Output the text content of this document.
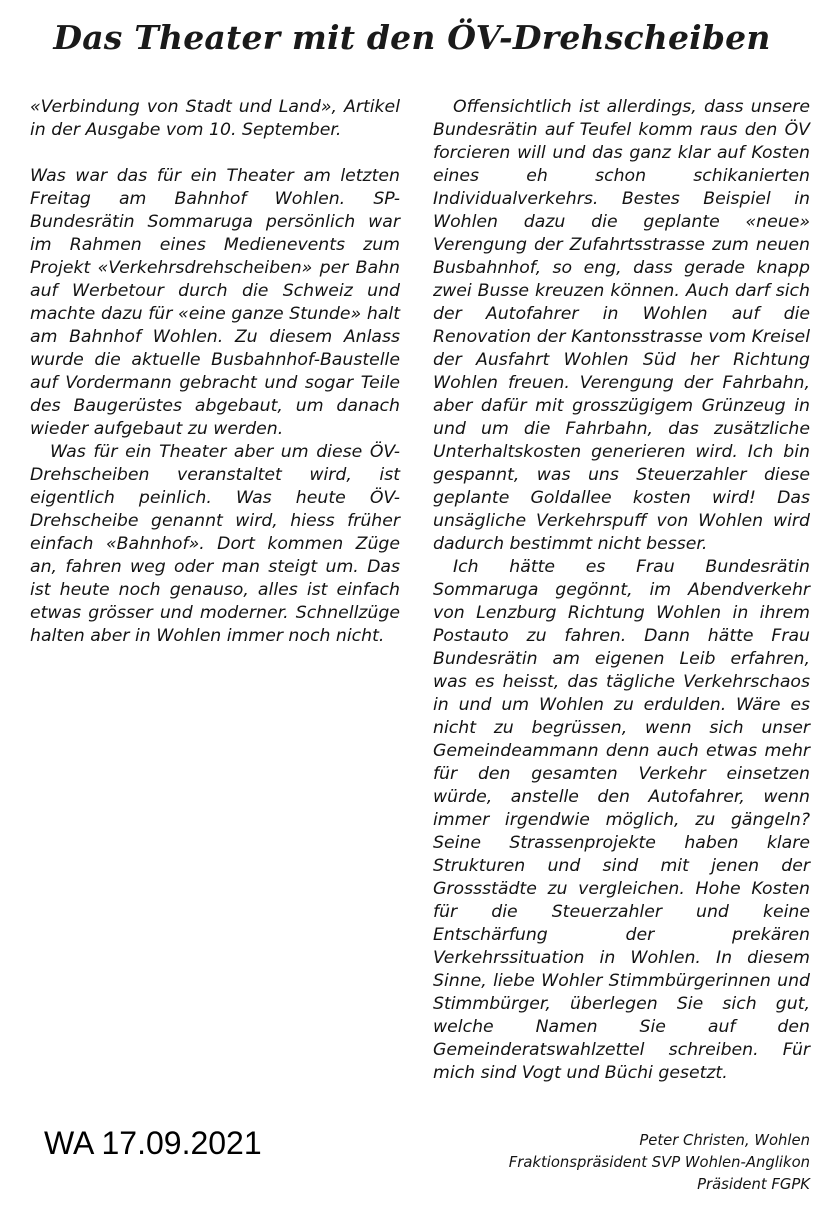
Das Theater mit den ÖV-Drehscheiben

«Verbindung von Stadt und Land», Artikel in der Ausgabe vom 10. September.

Was war das für ein Theater am letzten Freitag am Bahnhof Wohlen. SP-Bundesrätin Sommaruga persönlich war im Rahmen eines Medienevents zum Projekt «Verkehrsdrehscheiben» per Bahn auf Werbetour durch die Schweiz und machte dazu für «eine ganze Stunde» halt am Bahnhof Wohlen. Zu diesem Anlass wurde die aktuelle Busbahnhof-Baustelle auf Vordermann gebracht und sogar Teile des Baugerüstes abgebaut, um danach wieder aufgebaut zu werden.

Was für ein Theater aber um diese ÖV-Drehscheiben veranstaltet wird, ist eigentlich peinlich. Was heute ÖV-Drehscheibe genannt wird, hiess früher einfach «Bahnhof». Dort kommen Züge an, fahren weg oder man steigt um. Das ist heute noch genauso, alles ist einfach etwas grösser und moderner. Schnellzüge halten aber in Wohlen immer noch nicht.

Offensichtlich ist allerdings, dass unsere Bundesrätin auf Teufel komm raus den ÖV forcieren will und das ganz klar auf Kosten eines eh schon schikanierten Individualverkehrs. Bestes Beispiel in Wohlen dazu die geplante «neue» Verengung der Zufahrtsstrasse zum neuen Busbahnhof, so eng, dass gerade knapp zwei Busse kreuzen können. Auch darf sich der Autofahrer in Wohlen auf die Renovation der Kantonsstrasse vom Kreisel der Ausfahrt Wohlen Süd her Richtung Wohlen freuen. Verengung der Fahrbahn, aber dafür mit grosszügigem Grünzeug in und um die Fahrbahn, das zusätzliche Unterhaltskosten generieren wird. Ich bin gespannt, was uns Steuerzahler diese geplante Goldallee kosten wird! Das unsägliche Verkehrspuff von Wohlen wird dadurch bestimmt nicht besser.

Ich hätte es Frau Bundesrätin Sommaruga gegönnt, im Abendverkehr von Lenzburg Richtung Wohlen in ihrem Postauto zu fahren. Dann hätte Frau Bundesrätin am eigenen Leib erfahren, was es heisst, das tägliche Verkehrschaos in und um Wohlen zu erdulden. Wäre es nicht zu begrüssen, wenn sich unser Gemeindeammann denn auch etwas mehr für den gesamten Verkehr einsetzen würde, anstelle den Autofahrer, wenn immer irgendwie möglich, zu gängeln? Seine Strassenprojekte haben klare Strukturen und sind mit jenen der Grossstädte zu vergleichen. Hohe Kosten für die Steuerzahler und keine Entschärfung der prekären Verkehrssituation in Wohlen. In diesem Sinne, liebe Wohler Stimmbürgerinnen und Stimmbürger, überlegen Sie sich gut, welche Namen Sie auf den Gemeinderatswahlzettel schreiben. Für mich sind Vogt und Büchi gesetzt.

Peter Christen, Wohlen
Fraktionspräsident SVP Wohlen-Anglikon
Präsident FGPK
WA 17.09.2021
